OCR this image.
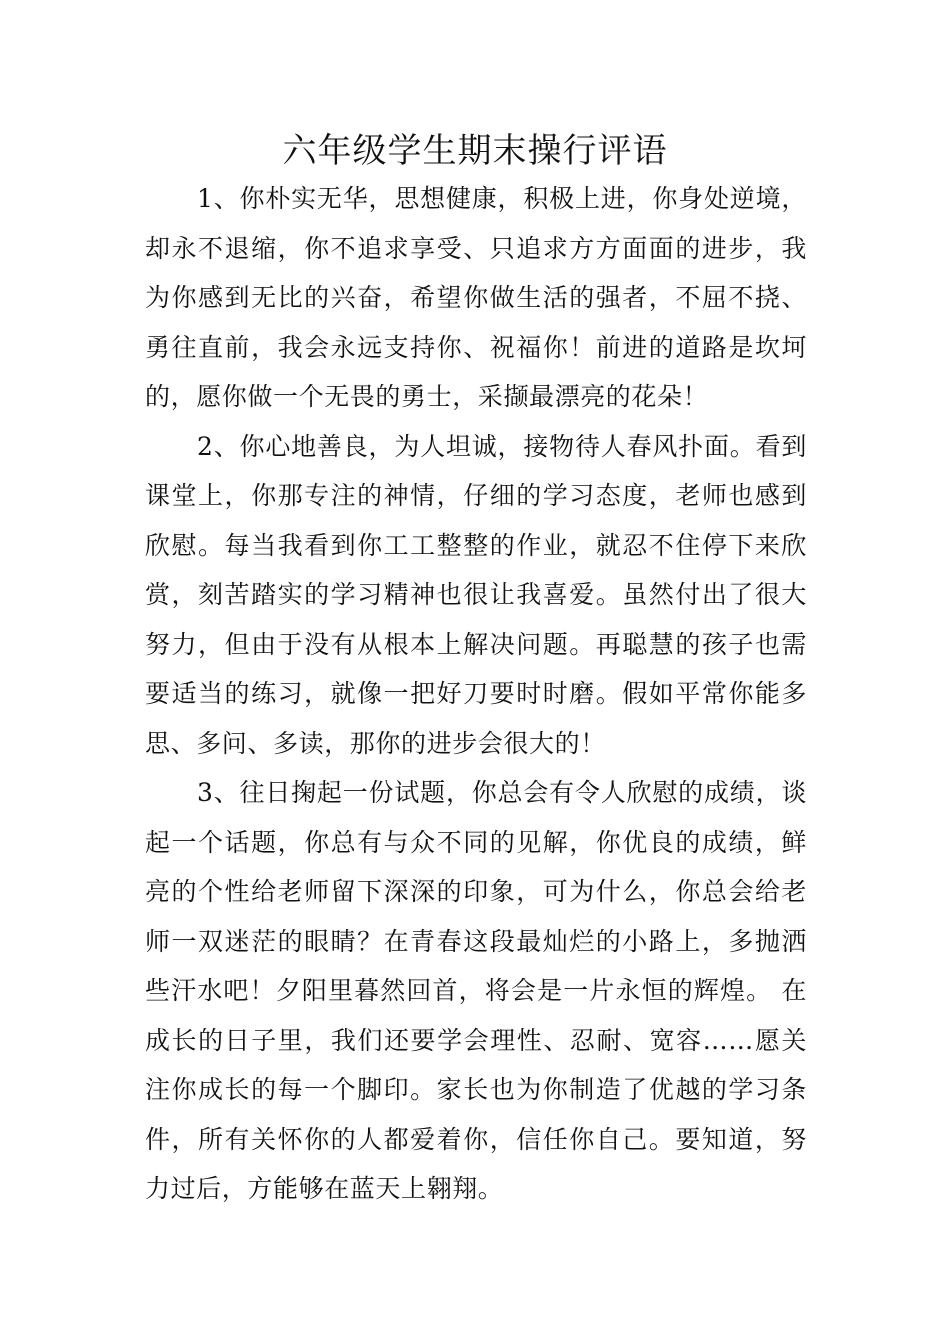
六年级学生期末操行评语

1、你朴实无华，思想健康，积极上进，你身处逆境，却永不退缩，你不追求享受、只追求方方面面的进步，我为你感到无比的兴奋，希望你做生活的强者，不屈不挠、勇往直前，我会永远支持你、祝福你！前进的道路是坎坷的，愿你做一个无畏的勇士，采撷最漂亮的花朵！

2、你心地善良，为人坦诚，接物待人春风扑面。看到课堂上，你那专注的神情，仔细的学习态度，老师也感到欣慰。每当我看到你工工整整的作业，就忍不住停下来欣赏，刻苦踏实的学习精神也很让我喜爱。虽然付出了很大努力，但由于没有从根本上解决问题。再聪慧的孩子也需要适当的练习，就像一把好刀要时时磨。假如平常你能多思、多问、多读，那你的进步会很大的！

3、往日掬起一份试题，你总会有令人欣慰的成绩，谈起一个话题，你总有与众不同的见解，你优良的成绩，鲜亮的个性给老师留下深深的印象，可为什么，你总会给老师一双迷茫的眼睛？在青春这段最灿烂的小路上，多抛洒些汗水吧！夕阳里暮然回首，将会是一片永恒的辉煌。 在成长的日子里，我们还要学会理性、忍耐、宽容……愿关注你成长的每一个脚印。家长也为你制造了优越的学习条件，所有关怀你的人都爱着你，信任你自己。要知道，努力过后，方能够在蓝天上翱翔。
